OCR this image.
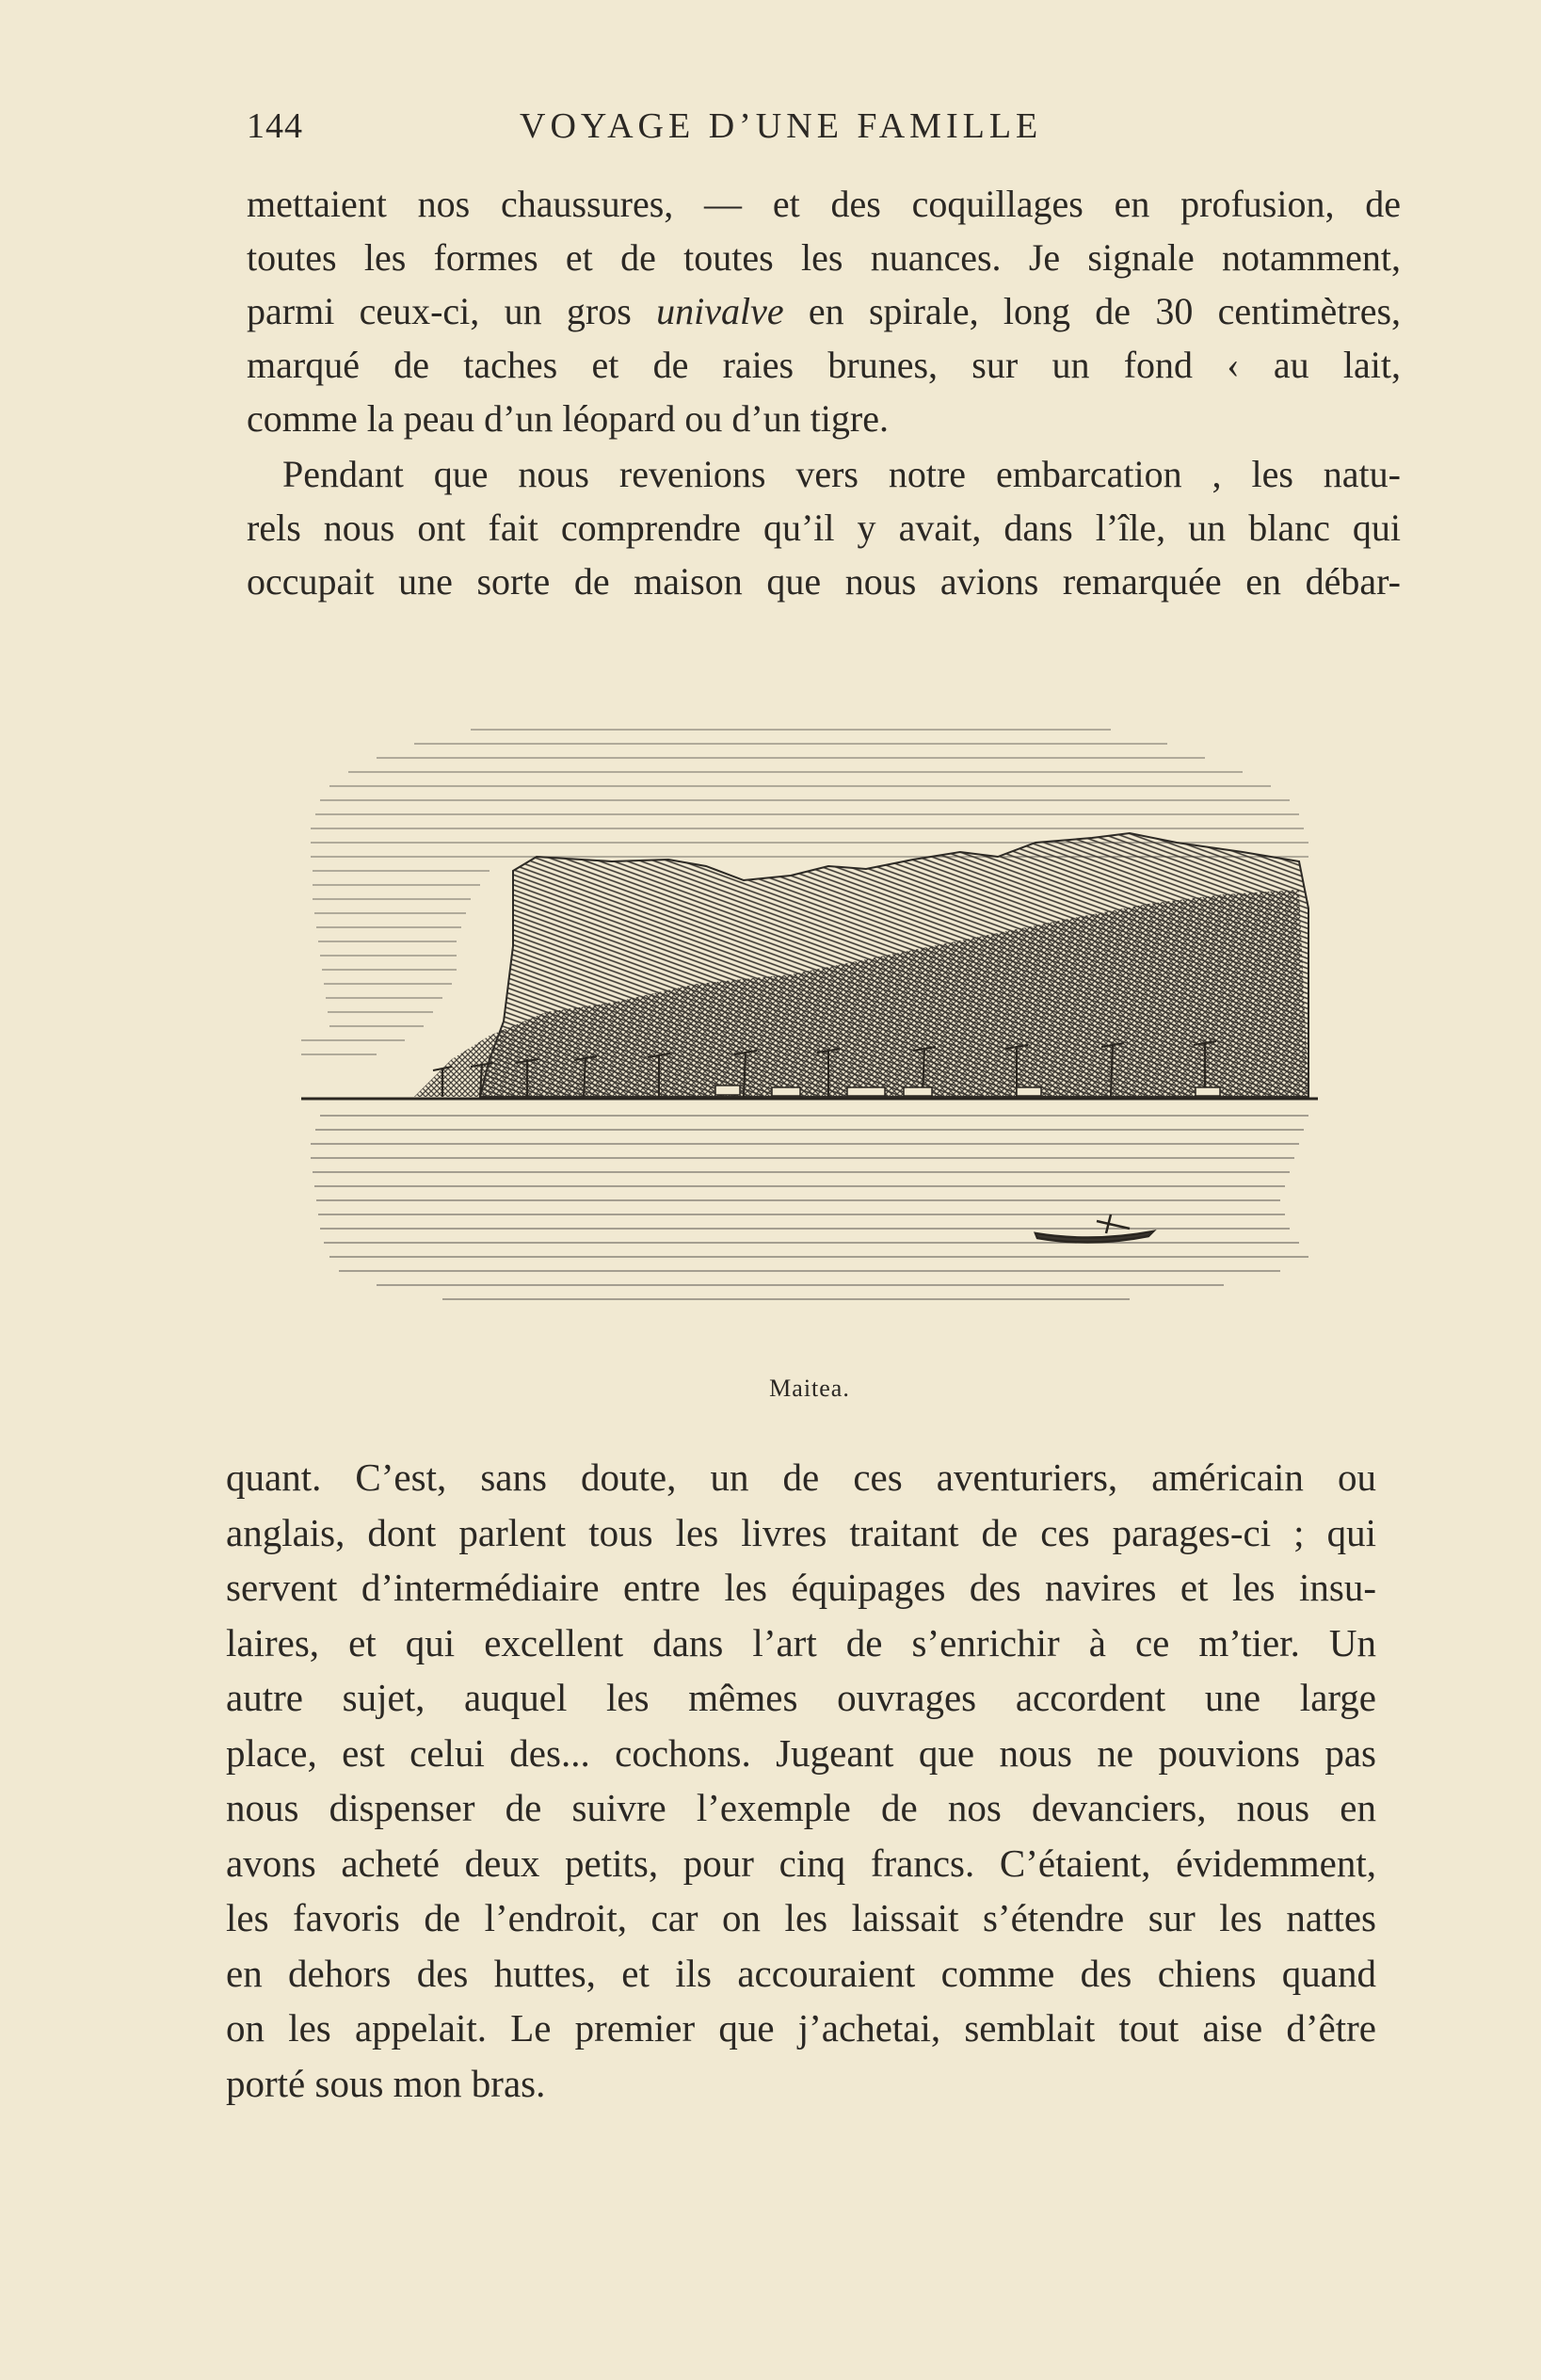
144	VOYAGE D’UNE FAMILLE

mettaient nos chaussures, — et des coquillages en profusion, de
toutes les formes et de toutes les nuances. Je signale notamment,
parmi ceux-ci, un gros univalve en spirale, long de 30 centimètres,
marqué de taches et de raies brunes, sur un fond ‹ au lait,
comme la peau d’un léopard ou d’un tigre.

Pendant que nous revenions vers notre embarcation , les natu-
rels nous ont fait comprendre qu’il y avait, dans l’île, un blanc qui
occupait une sorte de maison que nous avions remarquée en débar-

Maitea.

quant. C’est, sans doute, un de ces aventuriers, américain ou
anglais, dont parlent tous les livres traitant de ces parages-ci ; qui
servent d’intermédiaire entre les équipages des navires et les insu-
laires, et qui excellent dans l’art de s’enrichir à ce m’tier. Un
autre sujet, auquel les mêmes ouvrages accordent une large
place, est celui des... cochons. Jugeant que nous ne pouvions pas
nous dispenser de suivre l’exemple de nos devanciers, nous en
avons acheté deux petits, pour cinq francs. C’étaient, évidemment,
les favoris de l’endroit, car on les laissait s’étendre sur les nattes
en dehors des huttes, et ils accouraient comme des chiens quand
on les appelait. Le premier que j’achetai, semblait tout aise d’être
porté sous mon bras.
